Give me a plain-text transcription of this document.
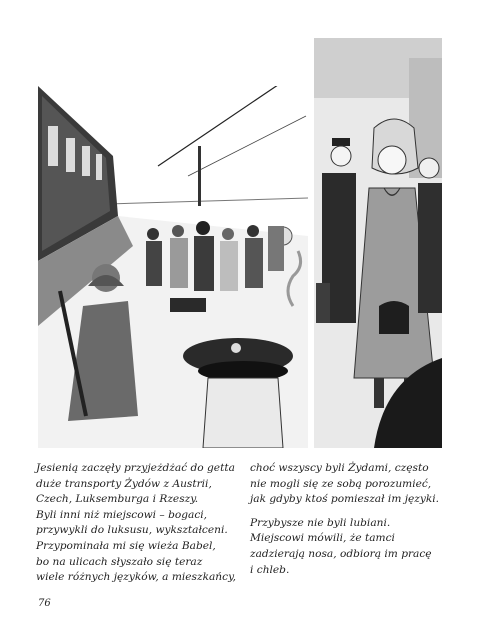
Jesienią zaczęły przyjeżdżać do getta
duże transporty Żydów z Austrii,
Czech, Luksemburga i Rzeszy.
Byli inni niż miejscowi – bogaci,
przywykli do luksusu, wykształceni.
Przypominała mi się wieża Babel,
bo na ulicach słyszało się teraz
wiele różnych języków, a mieszkańcy,
choć wszyscy byli Żydami, często
nie mogli się ze sobą porozumieć,
jak gdyby ktoś pomieszał im języki.
Przybysze nie byli lubiani.
Miejscowi mówili, że tamci
zadzierają nosa, odbiorą im pracę
i chleb.
76
